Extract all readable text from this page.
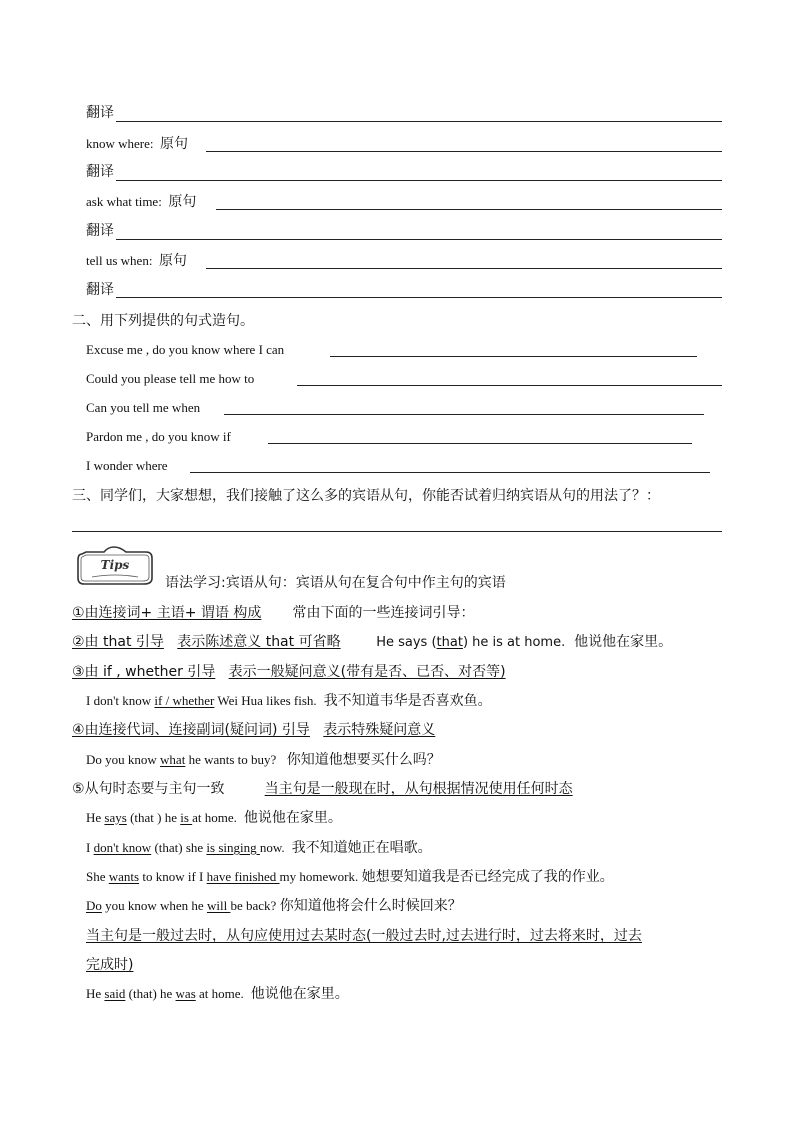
翻译
know where: 原句
翻译
ask what time: 原句
翻译
tell us when: 原句
翻译
二、用下列提供的句式造句。
Excuse me , do you know where I can
Could you please tell me how to
Can you tell me when
Pardon me , do you know if
I wonder where
三、同学们，大家想想，我们接触了这么多的宾语从句，你能否试着归纳宾语从句的用法了？：
Tips
语法学习:宾语从句：宾语从句在复合句中作主句的宾语
①由连接词+ 主语+ 谓语 构成 常由下面的一些连接词引导：
②由 that 引导 表示陈述意义 that 可省略	He says (that) he is at home. 他说他在家里。
③由 if , whether 引导 表示一般疑问意义(带有是否、已否、对否等)
I don't know if / whether Wei Hua likes fish. 我不知道韦华是否喜欢鱼。
④由连接代词、连接副词(疑问词) 引导 表示特殊疑问意义
Do you know what he wants to buy? 你知道他想要买什么吗？
⑤从句时态要与主句一致	当主句是一般现在时，从句根据情况使用任何时态
He says (that ) he is at home. 他说他在家里。
I don't know (that) she is singing now. 我不知道她正在唱歌。
She wants to know if I have finished my homework. 她想要知道我是否已经完成了我的作业。
Do you know when he will be back? 你知道他将会什么时候回来？
当主句是一般过去时，从句应使用过去某时态(一般过去时,过去进行时，过去将来时，过去
完成时)
He said (that) he was at home. 他说他在家里。
